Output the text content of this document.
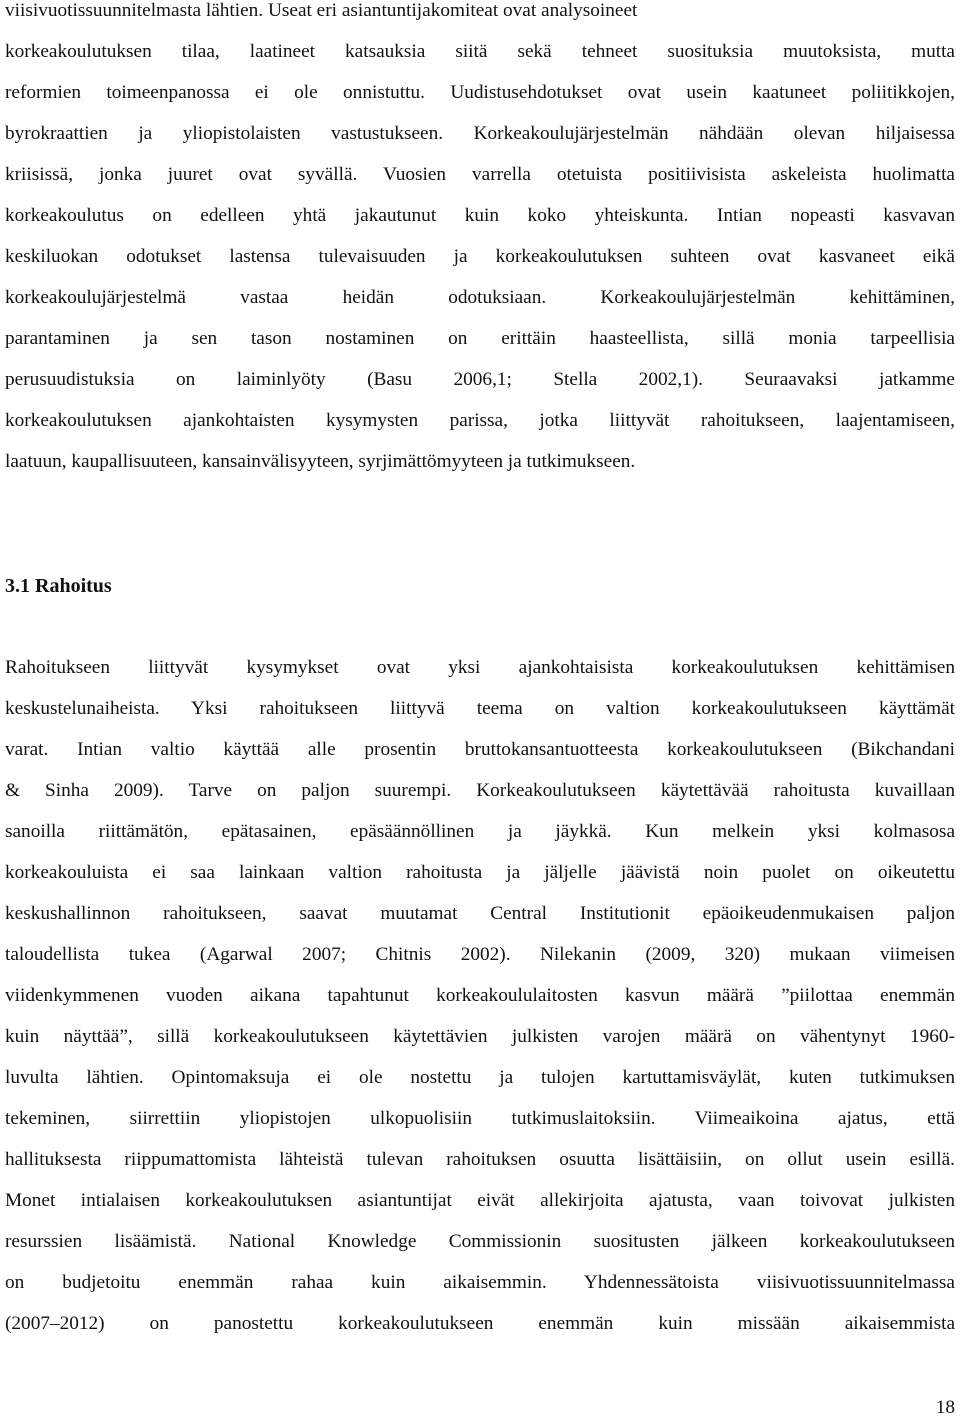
viisivuotissuunnitelmasta lähtien. Useat eri asiantuntijakomiteat ovat analysoineet
korkeakoulutuksen tilaa, laatineet katsauksia siitä sekä tehneet suosituksia muutoksista, mutta
reformien toimeenpanossa ei ole onnistuttu. Uudistusehdotukset ovat usein kaatuneet poliitikkojen,
byrokraattien ja yliopistolaisten vastustukseen. Korkeakoulujärjestelmän nähdään olevan hiljaisessa
kriisissä, jonka juuret ovat syvällä. Vuosien varrella otetuista positiivisista askeleista huolimatta
korkeakoulutus on edelleen yhtä jakautunut kuin koko yhteiskunta. Intian nopeasti kasvavan
keskiluokan odotukset lastensa tulevaisuuden ja korkeakoulutuksen suhteen ovat kasvaneet eikä
korkeakoulujärjestelmä vastaa heidän odotuksiaan. Korkeakoulujärjestelmän kehittäminen,
parantaminen ja sen tason nostaminen on erittäin haasteellista, sillä monia tarpeellisia
perusuudistuksia on laiminlyöty (Basu 2006,1; Stella 2002,1). Seuraavaksi jatkamme
korkeakoulutuksen ajankohtaisten kysymysten parissa, jotka liittyvät rahoitukseen, laajentamiseen,
laatuun, kaupallisuuteen, kansainvälisyyteen, syrjimättömyyteen ja tutkimukseen.
3.1 Rahoitus
Rahoitukseen liittyvät kysymykset ovat yksi ajankohtaisista korkeakoulutuksen kehittämisen
keskustelunaiheista. Yksi rahoitukseen liittyvä teema on valtion korkeakoulutukseen käyttämät
varat. Intian valtio käyttää alle prosentin bruttokansantuotteesta korkeakoulutukseen (Bikchandani
& Sinha 2009). Tarve on paljon suurempi. Korkeakoulutukseen käytettävää rahoitusta kuvaillaan
sanoilla riittämätön, epätasainen, epäsäännöllinen ja jäykkä. Kun melkein yksi kolmasosa
korkeakouluista ei saa lainkaan valtion rahoitusta ja jäljelle jäävistä noin puolet on oikeutettu
keskushallinnon rahoitukseen, saavat muutamat Central Institutionit epäoikeudenmukaisen paljon
taloudellista tukea (Agarwal 2007; Chitnis 2002). Nilekanin (2009, 320) mukaan viimeisen
viidenkymmenen vuoden aikana tapahtunut korkeakoululaitosten kasvun määrä ”piilottaa enemmän
kuin näyttää”, sillä korkeakoulutukseen käytettävien julkisten varojen määrä on vähentynyt 1960-
luvulta lähtien. Opintomaksuja ei ole nostettu ja tulojen kartuttamisväylät, kuten tutkimuksen
tekeminen, siirrettiin yliopistojen ulkopuolisiin tutkimuslaitoksiin. Viimeaikoina ajatus, että
hallituksesta riippumattomista lähteistä tulevan rahoituksen osuutta lisättäisiin, on ollut usein esillä.
Monet intialaisen korkeakoulutuksen asiantuntijat eivät allekirjoita ajatusta, vaan toivovat julkisten
resurssien lisäämistä. National Knowledge Commissionin suositusten jälkeen korkeakoulutukseen
on budjetoitu enemmän rahaa kuin aikaisemmin. Yhdennessätoista viisivuotissuunnitelmassa
(2007–2012) on panostettu korkeakoulutukseen enemmän kuin missään aikaisemmista
18
